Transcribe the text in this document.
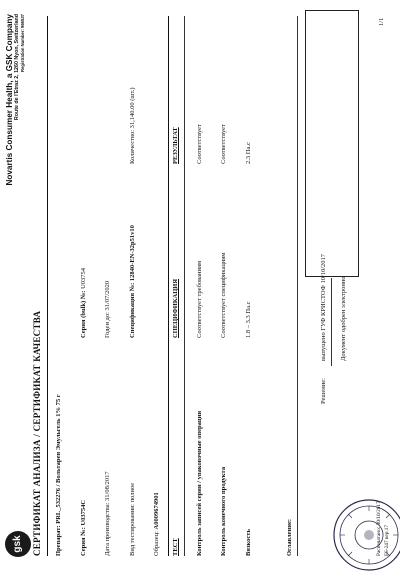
gsk
Novartis Consumer Health, a GSK Company Route de l'Etraz 2, 1260 Nyon, Switzerland Registration Number: 966537
СЕРТИФИКАТ АНАЛИЗА / СЕРТИФИКАТ КАЧЕСТВА Препарат: PRL_532276 / Вольтарен Эмульгель 1% 75 г	Серия №: U03754C
Серия (bulk) №: U03754
Дата производства: 31/08/2017
Годен до: 31/07/2020
Вид тестирования: полное
Спецификация №: 12840-EN-32p51v10
Количество: 31,140.00 (шт.)
Образец: A0009674901
ТЕСТ
СПЕЦИФИКАЦИЯ
РЕЗУЛЬТАТ
Контроль записей серии / упаковочные операции
Соответствует требованиям
Соответствует
Контроль конечного продукта
Соответствует спецификациям
Соответствует
Вязкость
1.8 – 3.3 Па.с
2.3 Па.с
Оглавление:
Решение:
выпущено ГУФ КРИСТОФ 10/10/2017 Документ одобрен электронно
Распечатано: 30/10/2017 FS-247 вер.17
1/1
